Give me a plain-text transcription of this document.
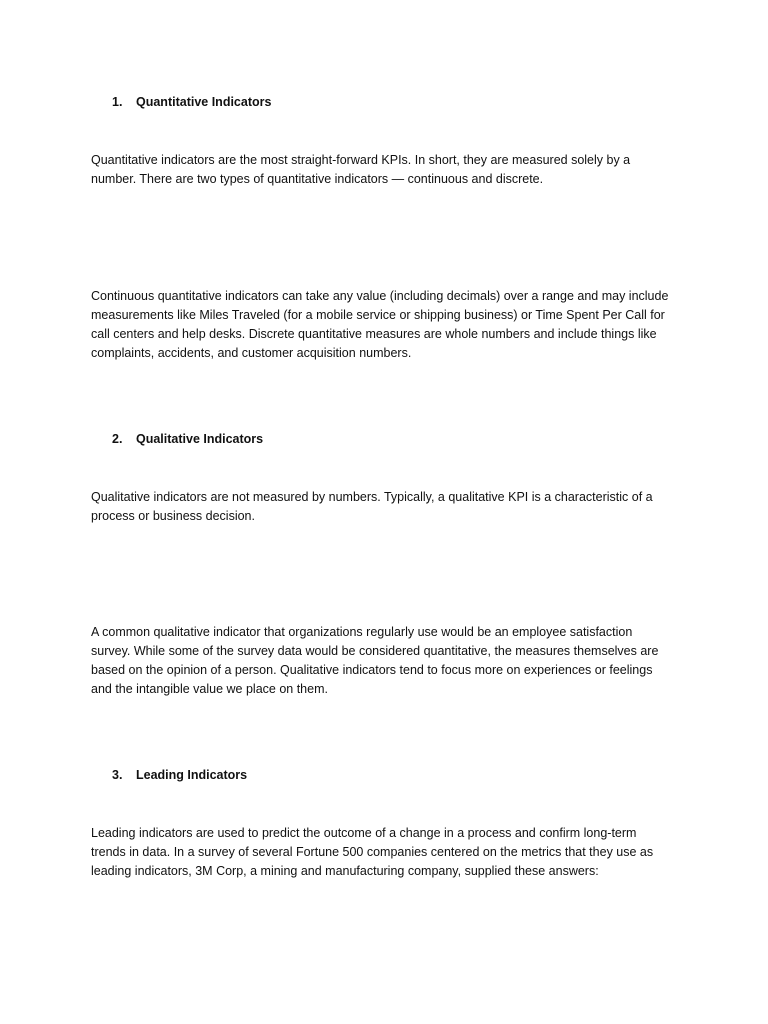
1. Quantitative Indicators
Quantitative indicators are the most straight-forward KPIs. In short, they are measured solely by a
number. There are two types of quantitative indicators — continuous and discrete.
Continuous quantitative indicators can take any value (including decimals) over a range and may include
measurements like Miles Traveled (for a mobile service or shipping business) or Time Spent Per Call for
call centers and help desks. Discrete quantitative measures are whole numbers and include things like
complaints, accidents, and customer acquisition numbers.
2. Qualitative Indicators
Qualitative indicators are not measured by numbers. Typically, a qualitative KPI is a characteristic of a
process or business decision.
A common qualitative indicator that organizations regularly use would be an employee satisfaction
survey. While some of the survey data would be considered quantitative, the measures themselves are
based on the opinion of a person. Qualitative indicators tend to focus more on experiences or feelings
and the intangible value we place on them.
3. Leading Indicators
Leading indicators are used to predict the outcome of a change in a process and confirm long-term
trends in data. In a survey of several Fortune 500 companies centered on the metrics that they use as
leading indicators, 3M Corp, a mining and manufacturing company, supplied these answers:
